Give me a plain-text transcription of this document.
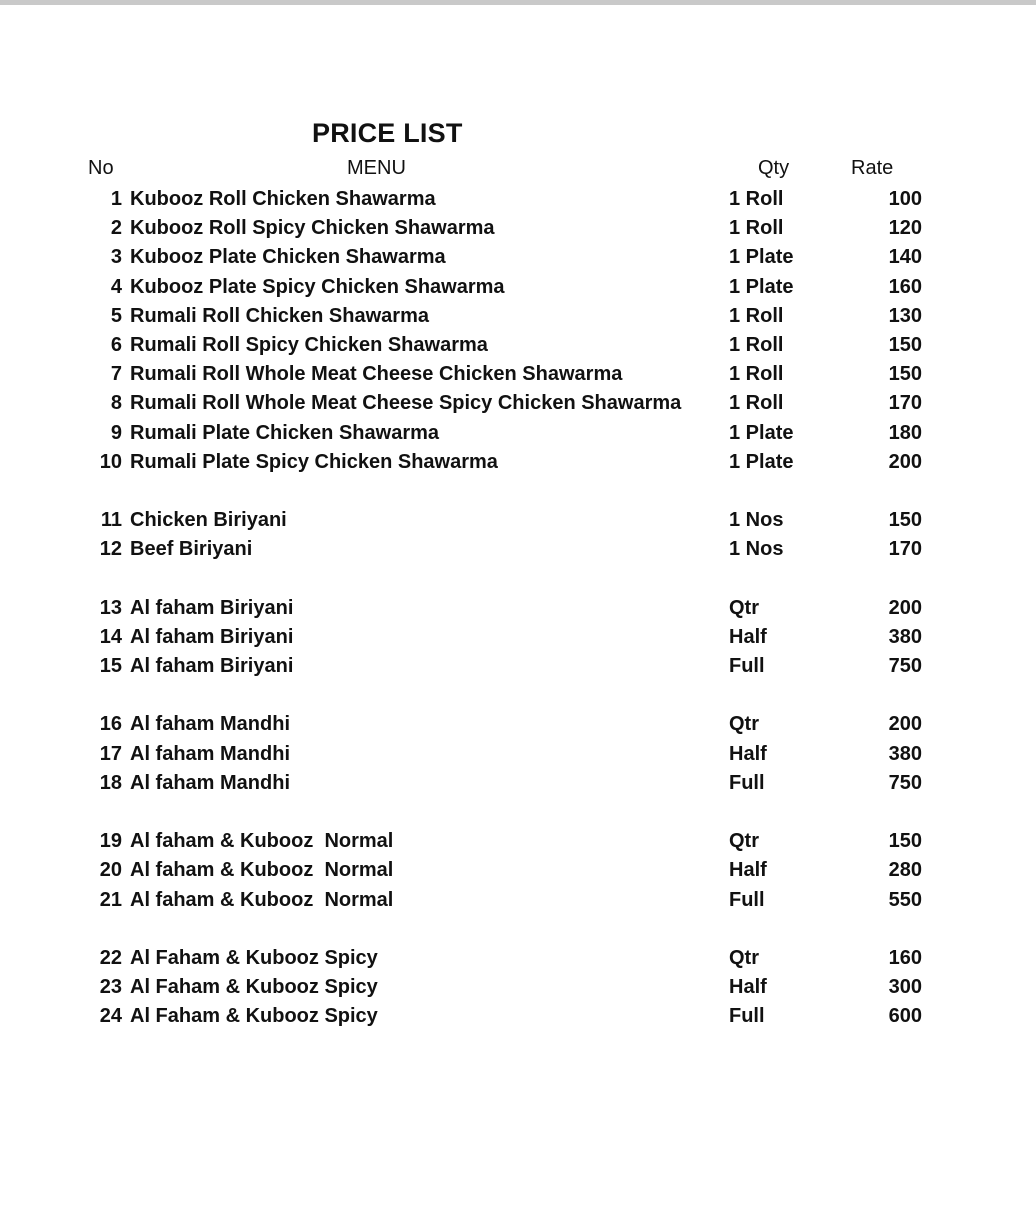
PRICE LIST
No	MENU	Qty	Rate
1 Kubooz Roll Chicken Shawarma	1 Roll	100
2 Kubooz Roll Spicy Chicken Shawarma	1 Roll	120
3 Kubooz Plate Chicken Shawarma	1 Plate	140
4 Kubooz Plate Spicy Chicken Shawarma	1 Plate	160
5 Rumali Roll Chicken Shawarma	1 Roll	130
6 Rumali Roll Spicy Chicken Shawarma	1 Roll	150
7 Rumali Roll Whole Meat Cheese Chicken Shawarma	1 Roll	150
8 Rumali Roll Whole Meat Cheese Spicy Chicken Shawarma 1 Roll	170
9 Rumali Plate Chicken Shawarma	1 Plate	180
10 Rumali Plate Spicy Chicken Shawarma	1 Plate	200
11 Chicken Biriyani	1 Nos	150
12 Beef Biriyani	1 Nos	170
13 Al faham Biriyani	Qtr	200
14 Al faham Biriyani	Half	380
15 Al faham Biriyani	Full	750
16 Al faham Mandhi	Qtr	200
17 Al faham Mandhi	Half	380
18 Al faham Mandhi	Full	750
19 Al faham & Kubooz  Normal	Qtr	150
20 Al faham & Kubooz  Normal	Half	280
21 Al faham & Kubooz  Normal	Full	550
22 Al Faham & Kubooz Spicy	Qtr	160
23 Al Faham & Kubooz Spicy	Half	300
24 Al Faham & Kubooz Spicy	Full	600
